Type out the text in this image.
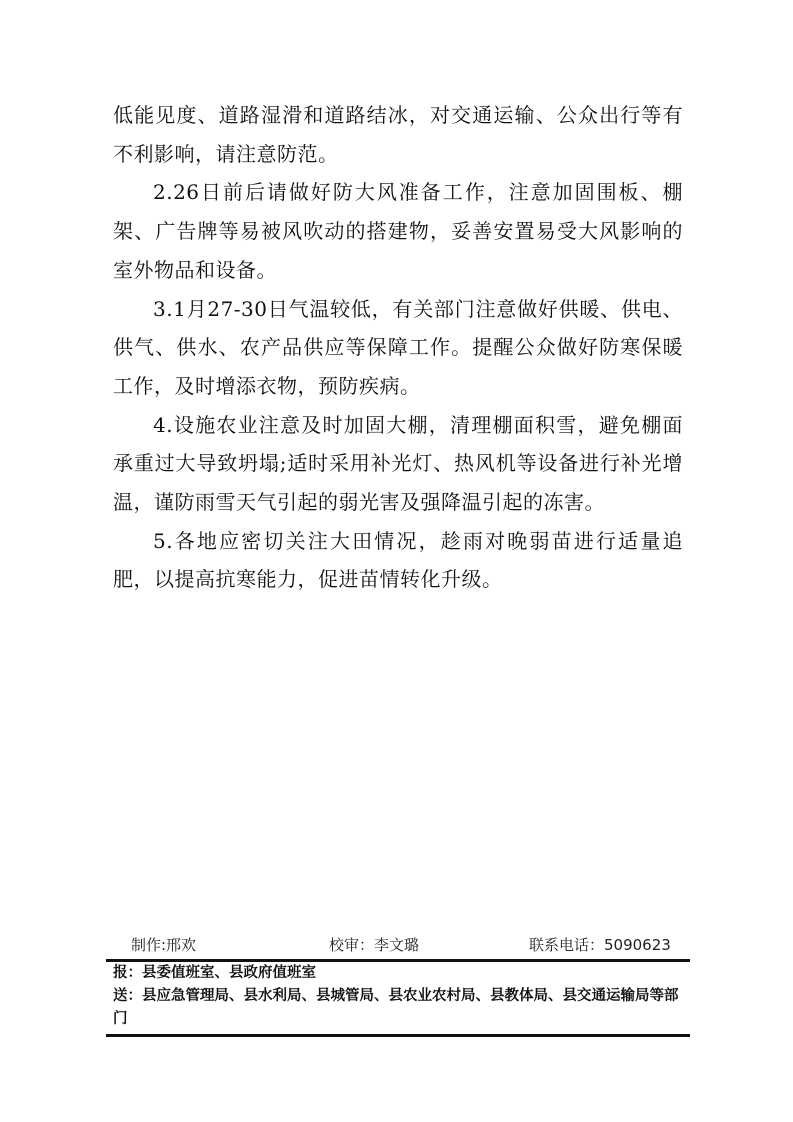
低能见度、道路湿滑和道路结冰，对交通运输、公众出行等有不利影响，请注意防范。

2.26日前后请做好防大风准备工作，注意加固围板、棚架、广告牌等易被风吹动的搭建物，妥善安置易受大风影响的室外物品和设备。

3.1月27-30日气温较低，有关部门注意做好供暖、供电、供气、供水、农产品供应等保障工作。提醒公众做好防寒保暖工作，及时增添衣物，预防疾病。

4.设施农业注意及时加固大棚，清理棚面积雪，避免棚面承重过大导致坍塌;适时采用补光灯、热风机等设备进行补光增温，谨防雨雪天气引起的弱光害及强降温引起的冻害。

5.各地应密切关注大田情况，趁雨对晚弱苗进行适量追肥，以提高抗寒能力，促进苗情转化升级。

制作:邢欢	校审：李文璐	联系电话：5090623

报：县委值班室、县政府值班室

送：县应急管理局、县水利局、县城管局、县农业农村局、县教体局、县交通运输局等部门
